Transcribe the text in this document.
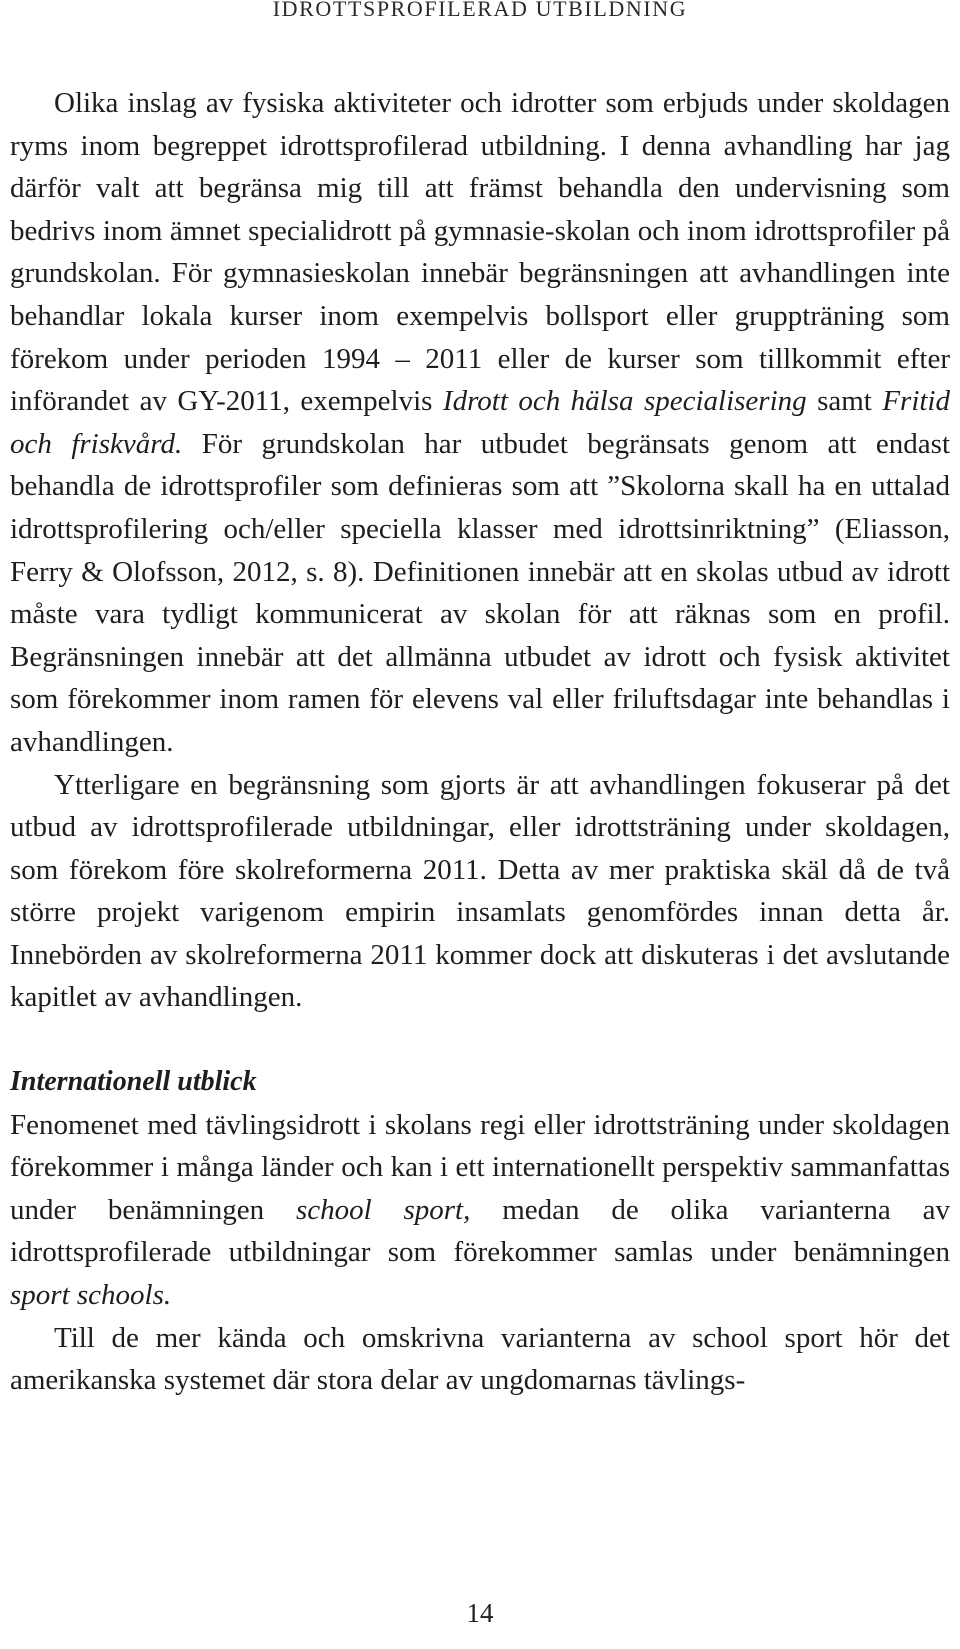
IDROTTSPROFILERAD UTBILDNING

Olika inslag av fysiska aktiviteter och idrotter som erbjuds under skoldagen ryms inom begreppet idrottsprofilerad utbildning. I denna avhandling har jag därför valt att begränsa mig till att främst behandla den undervisning som bedrivs inom ämnet specialidrott på gymnasie-skolan och inom idrottsprofiler på grundskolan. För gymnasieskolan innebär begränsningen att avhandlingen inte behandlar lokala kurser inom exempelvis bollsport eller gruppträning som förekom under perioden 1994 – 2011 eller de kurser som tillkommit efter införandet av GY-2011, exempelvis Idrott och hälsa specialisering samt Fritid och friskvård. För grundskolan har utbudet begränsats genom att endast behandla de idrottsprofiler som definieras som att ”Skolorna skall ha en uttalad idrottsprofilering och/eller speciella klasser med idrottsinriktning” (Eliasson, Ferry & Olofsson, 2012, s. 8). Definitionen innebär att en skolas utbud av idrott måste vara tydligt kommunicerat av skolan för att räknas som en profil. Begränsningen innebär att det allmänna utbudet av idrott och fysisk aktivitet som förekommer inom ramen för elevens val eller friluftsdagar inte behandlas i avhandlingen.

Ytterligare en begränsning som gjorts är att avhandlingen fokuserar på det utbud av idrottsprofilerade utbildningar, eller idrottsträning under skoldagen, som förekom före skolreformerna 2011. Detta av mer praktiska skäl då de två större projekt varigenom empirin insamlats genomfördes innan detta år. Innebörden av skolreformerna 2011 kommer dock att diskuteras i det avslutande kapitlet av avhandlingen.

Internationell utblick

Fenomenet med tävlingsidrott i skolans regi eller idrottsträning under skoldagen förekommer i många länder och kan i ett internationellt perspektiv sammanfattas under benämningen school sport, medan de olika varianterna av idrottsprofilerade utbildningar som förekommer samlas under benämningen sport schools.

Till de mer kända och omskrivna varianterna av school sport hör det amerikanska systemet där stora delar av ungdomarnas tävlings-

14
